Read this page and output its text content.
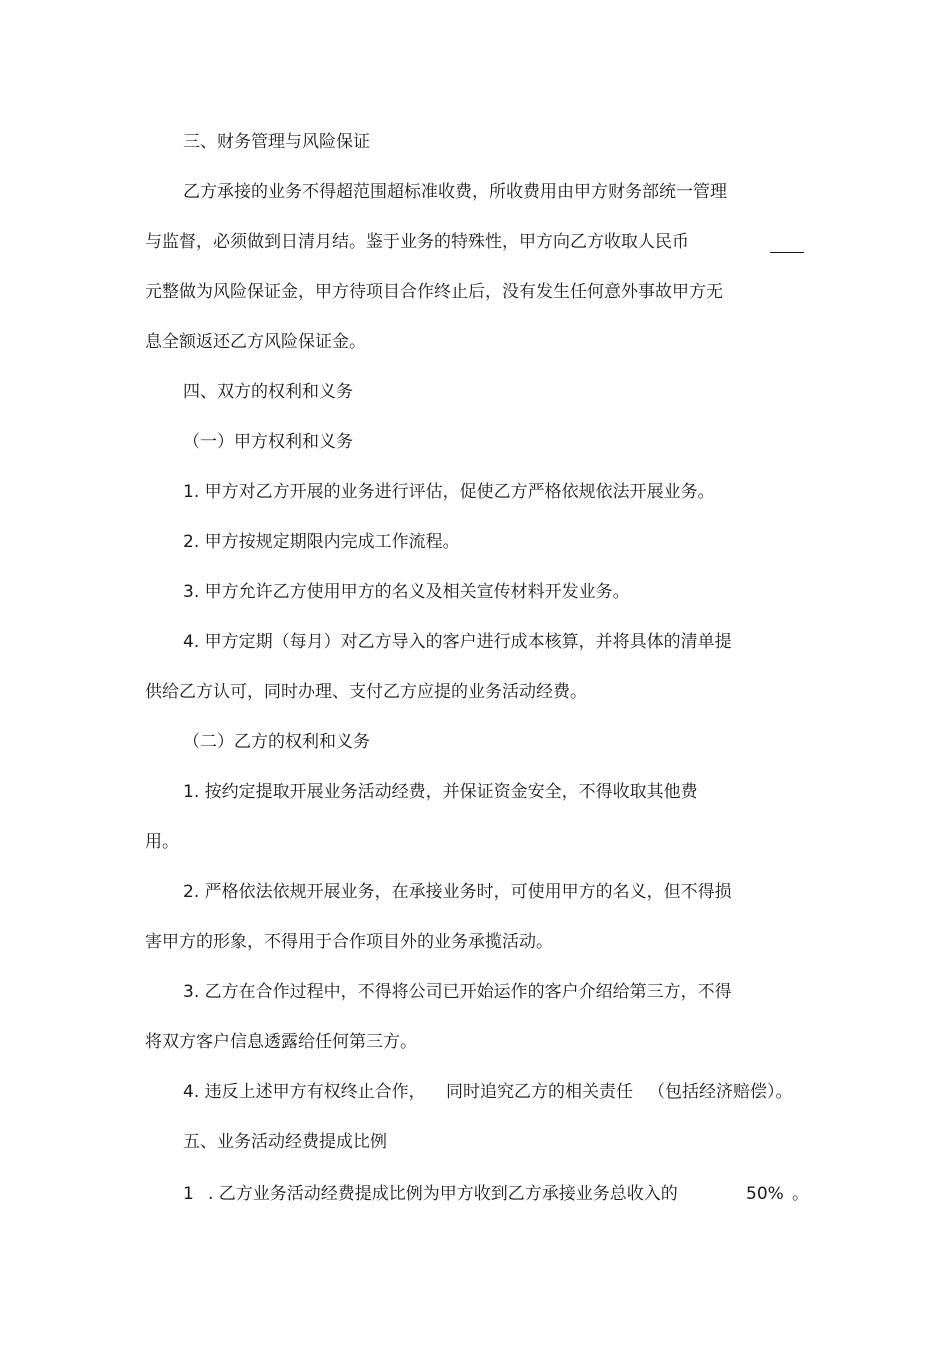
三、财务管理与风险保证
乙方承接的业务不得超范围超标准收费，所收费用由甲方财务部统一管理
与监督，必须做到日清月结。鉴于业务的特殊性，甲方向乙方收取人民币
元整做为风险保证金，甲方待项目合作终止后，没有发生任何意外事故甲方无
息全额返还乙方风险保证金。
四、双方的权利和义务
（一）甲方权利和义务
1. 甲方对乙方开展的业务进行评估，促使乙方严格依规依法开展业务。
2. 甲方按规定期限内完成工作流程。
3. 甲方允许乙方使用甲方的名义及相关宣传材料开发业务。
4. 甲方定期（每月）对乙方导入的客户进行成本核算，并将具体的清单提
供给乙方认可，同时办理、支付乙方应提的业务活动经费。
（二）乙方的权利和义务
1. 按约定提取开展业务活动经费，并保证资金安全，不得收取其他费
用。
2. 严格依法依规开展业务，在承接业务时，可使用甲方的名义，但不得损
害甲方的形象，不得用于合作项目外的业务承揽活动。
3. 乙方在合作过程中，不得将公司已开始运作的客户介绍给第三方，不得
将双方客户信息透露给任何第三方。
4. 违反上述甲方有权终止合作， 同时追究乙方的相关责任 （包括经济赔偿）。
五、业务活动经费提成比例
1 . 乙方业务活动经费提成比例为甲方收到乙方承接业务总收入的	50% 。
